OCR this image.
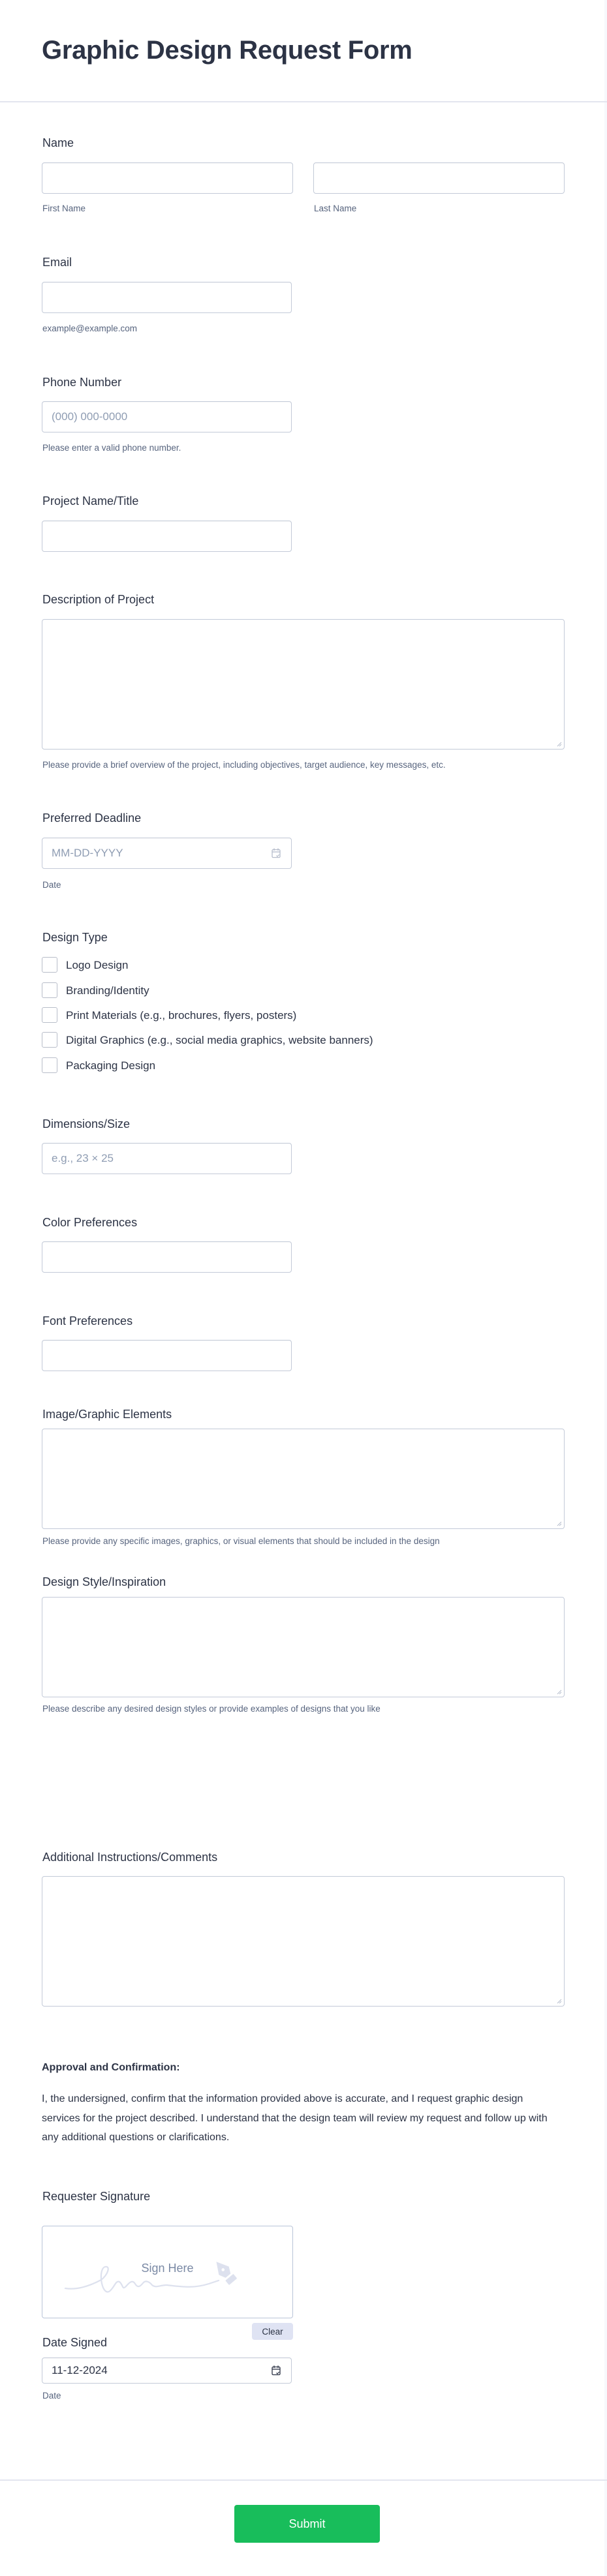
Graphic Design Request Form
Name
First Name	Last Name
Email
example@example.com
Phone Number
(000) 000-0000
Please enter a valid phone number.
Project Name/Title
Description of Project
Please provide a brief overview of the project, including objectives, target audience, key messages, etc.
Preferred Deadline
MM-DD-YYYY
Date
Design Type
Logo Design
Branding/Identity
Print Materials (e.g., brochures, flyers, posters)
Digital Graphics (e.g., social media graphics, website banners)
Packaging Design
Dimensions/Size
e.g., 23 × 25
Color Preferences
Font Preferences
Image/Graphic Elements
Please provide any specific images, graphics, or visual elements that should be included in the design
Design Style/Inspiration
Please describe any desired design styles or provide examples of designs that you like
Additional Instructions/Comments
Approval and Confirmation:
I, the undersigned, confirm that the information provided above is accurate, and I request graphic design services for the project described. I understand that the design team will review my request and follow up with any additional questions or clarifications.
Requester Signature
Sign Here
Clear
Date Signed
11-12-2024
Date
Submit
